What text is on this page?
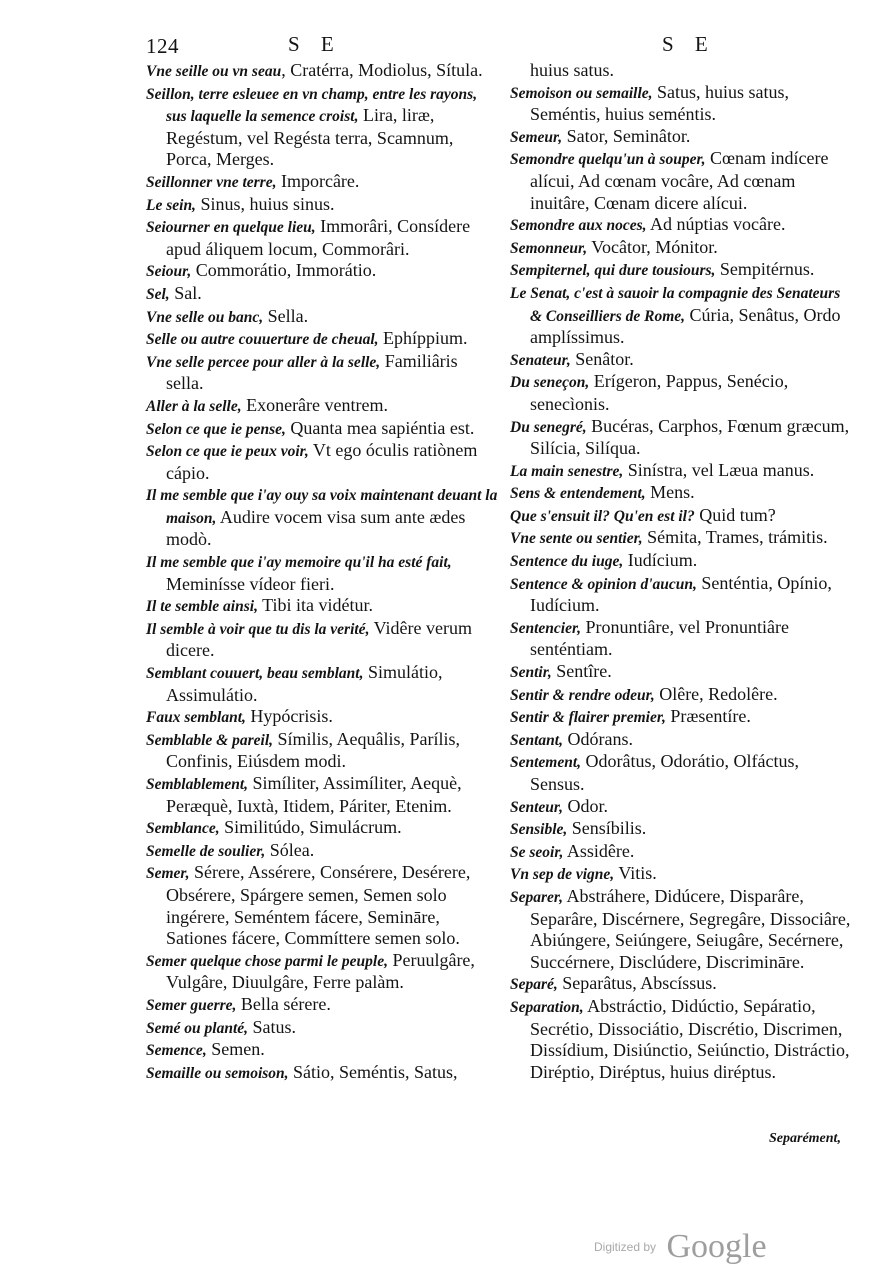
124	S E	S E

Vne seille ou vn seau, Cratérra, Modiolus, Sítula.

Seillon, terre esleuee en vn champ, entre les rayons, sus laquelle la semence croist, Lira, liræ, Regéstum, vel Regésta terra, Scamnum, Porca, Merges.

Seillonner vne terre, Imporcâre.

Le sein, Sinus, huius sinus.

Seiourner en quelque lieu, Immorâri, Consídere apud áliquem locum, Commorâri.

Seiour, Commorátio, Immorátio.

Sel, Sal.

Vne selle ou banc, Sella.

Selle ou autre couuerture de cheual, Ephíppium.

Vne selle percee pour aller à la selle, Familiâris sella.

Aller à la selle, Exonerâre ventrem.

Selon ce que ie pense, Quanta mea sapiéntia est.

Selon ce que ie peux voir, Vt ego óculis ratiònem cápio.

Il me semble que i'ay ouy sa voix maintenant deuant la maison, Audire vocem visa sum ante ædes modò.

Il me semble que i'ay memoire qu'il ha esté fait, Meminísse vídeor fieri.

Il te semble ainsi, Tibi ita vidétur.

Il semble à voir que tu dis la verité, Vidêre verum dicere.

Semblant couuert, beau semblant, Simulátio, Assimulátio.

Faux semblant, Hypócrisis.

Semblable & pareil, Símilis, Aequâlis, Parílis, Confinis, Eiúsdem modi.

Semblablement, Simíliter, Assimíliter, Aequè, Peræquè, Iuxtà, Itidem, Páriter, Etenim.

Semblance, Similitúdo, Simulácrum.

Semelle de soulier, Sólea.

Semer, Sérere, Assérere, Consérere, Desérere, Obsérere, Spárgere semen, Semen solo ingérere, Seméntem fácere, Semināre, Sationes fácere, Commíttere semen solo.

Semer quelque chose parmi le peuple, Peruulgâre, Vulgâre, Diuulgâre, Ferre palàm.

Semer guerre, Bella sérere.

Semé ou planté, Satus.

Semence, Semen.

Semaille ou semoison, Sátio, Seméntis, Satus,

huius satus.

Semoison ou semaille, Satus, huius satus, Seméntis, huius seméntis.

Semeur, Sator, Seminâtor.

Semondre quelqu'un à souper, Cœnam indícere alícui, Ad cœnam vocâre, Ad cœnam inuitâre, Cœnam dicere alícui.

Semondre aux noces, Ad núptias vocâre.

Semonneur, Vocâtor, Mónitor.

Sempiternel, qui dure tousiours, Sempitérnus.

Le Senat, c'est à sauoir la compagnie des Senateurs & Conseilliers de Rome, Cúria, Senâtus, Ordo amplíssimus.

Senateur, Senâtor.

Du seneçon, Erígeron, Pappus, Senécio, senecìonis.

Du senegré, Bucéras, Carphos, Fœnum græcum, Silícia, Silíqua.

La main senestre, Sinístra, vel Læua manus.

Sens & entendement, Mens.

Que s'ensuit il? Qu'en est il? Quid tum?

Vne sente ou sentier, Sémita, Trames, trámitis.

Sentence du iuge, Iudícium.

Sentence & opinion d'aucun, Senténtia, Opínio, Iudícium.

Sentencier, Pronuntiâre, vel Pronuntiâre senténtiam.

Sentir, Sentîre.

Sentir & rendre odeur, Olêre, Redolêre.

Sentir & flairer premier, Præsentíre.

Sentant, Odórans.

Sentement, Odorâtus, Odorátio, Olfáctus, Sensus.

Senteur, Odor.

Sensible, Sensíbilis.

Se seoir, Assidêre.

Vn sep de vigne, Vitis.

Separer, Abstráhere, Didúcere, Disparâre, Separâre, Discérnere, Segregâre, Dissociâre, Abiúngere, Seiúngere, Seiugâre, Secérnere, Succérnere, Disclúdere, Discrimināre.

Separé, Separâtus, Abscíssus.

Separation, Abstráctio, Didúctio, Sepáratio, Secrétio, Dissociátio, Discrétio, Discrimen, Dissídium, Disiúnctio, Seiúnctio, Distráctio, Diréptio, Diréptus, huius diréptus.

Separément,
$^{Digitized by}$ Google
